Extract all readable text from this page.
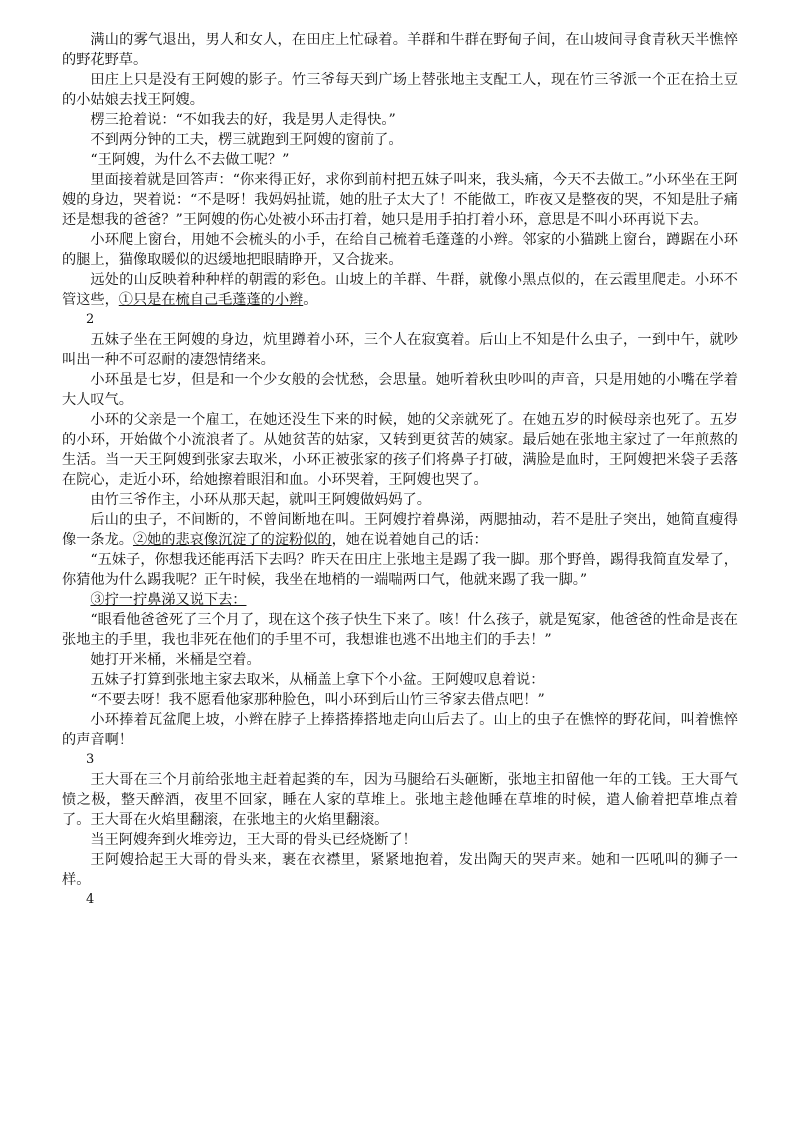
满山的雾气退出，男人和女人，在田庄上忙碌着。羊群和牛群在野甸子间，在山坡间寻食青秋天半憔悴的野花野草。

田庄上只是没有王阿嫂的影子。竹三爷每天到广场上替张地主支配工人，现在竹三爷派一个正在拾土豆的小姑娘去找王阿嫂。

楞三抢着说：“不如我去的好，我是男人走得快。”

不到两分钟的工夫，楞三就跑到王阿嫂的窗前了。

“王阿嫂，为什么不去做工呢？”

里面接着就是回答声：“你来得正好，求你到前村把五妹子叫来，我头痛，今天不去做工。”小环坐在王阿嫂的身边，哭着说：“不是呀！我妈妈扯谎，她的肚子太大了！不能做工，昨夜又是整夜的哭，不知是肚子痛还是想我的爸爸？”王阿嫂的伤心处被小环击打着，她只是用手拍打着小环，意思是不叫小环再说下去。

小环爬上窗台，用她不会梳头的小手，在给自己梳着毛蓬蓬的小辫。邻家的小猫跳上窗台，蹲踞在小环的腿上，猫像取暖似的迟缓地把眼睛睁开，又合拢来。

远处的山反映着种种样的朝霞的彩色。山坡上的羊群、牛群，就像小黑点似的，在云霞里爬走。小环不管这些，①只是在梳自己毛蓬蓬的小辫。

2

五妹子坐在王阿嫂的身边，炕里蹲着小环，三个人在寂寞着。后山上不知是什么虫子，一到中午，就吵叫出一种不可忍耐的凄怨情绪来。

小环虽是七岁，但是和一个少女般的会忧愁，会思量。她听着秋虫吵叫的声音，只是用她的小嘴在学着大人叹气。

小环的父亲是一个雇工，在她还没生下来的时候，她的父亲就死了。在她五岁的时候母亲也死了。五岁的小环，开始做个小流浪者了。从她贫苦的姑家，又转到更贫苦的姨家。最后她在张地主家过了一年煎熬的生活。当一天王阿嫂到张家去取米，小环正被张家的孩子们将鼻子打破，满脸是血时，王阿嫂把米袋子丢落在院心，走近小环，给她擦着眼泪和血。小环哭着，王阿嫂也哭了。

由竹三爷作主，小环从那天起，就叫王阿嫂做妈妈了。

后山的虫子，不间断的，不曾间断地在叫。王阿嫂拧着鼻涕，两腮抽动，若不是肚子突出，她简直瘦得像一条龙。②她的悲哀像沉淀了的淀粉似的，她在说着她自己的话：

“五妹子，你想我还能再活下去吗？昨天在田庄上张地主是踢了我一脚。那个野兽，踢得我简直发晕了，你猜他为什么踢我呢？正午时候，我坐在地梢的一端喘两口气，他就来踢了我一脚。”

③拧一拧鼻涕又说下去：

“眼看他爸爸死了三个月了，现在这个孩子快生下来了。咳！什么孩子，就是冤家，他爸爸的性命是丧在张地主的手里，我也非死在他们的手里不可，我想谁也逃不出地主们的手去！”

她打开米桶，米桶是空着。

五妹子打算到张地主家去取米，从桶盖上拿下个小盆。王阿嫂叹息着说：

“不要去呀！我不愿看他家那种脸色，叫小环到后山竹三爷家去借点吧！”

小环捧着瓦盆爬上坡，小辫在脖子上捧搭捧搭地走向山后去了。山上的虫子在憔悴的野花间，叫着憔悴的声音啊！

3

王大哥在三个月前给张地主赶着起粪的车，因为马腿给石头砸断，张地主扣留他一年的工钱。王大哥气愤之极，整天醉酒，夜里不回家，睡在人家的草堆上。张地主趁他睡在草堆的时候，遣人偷着把草堆点着了。王大哥在火焰里翻滚，在张地主的火焰里翻滚。

当王阿嫂奔到火堆旁边，王大哥的骨头已经烧断了！

王阿嫂拾起王大哥的骨头来，裹在衣襟里，紧紧地抱着，发出陶天的哭声来。她和一匹吼叫的狮子一样。

4
